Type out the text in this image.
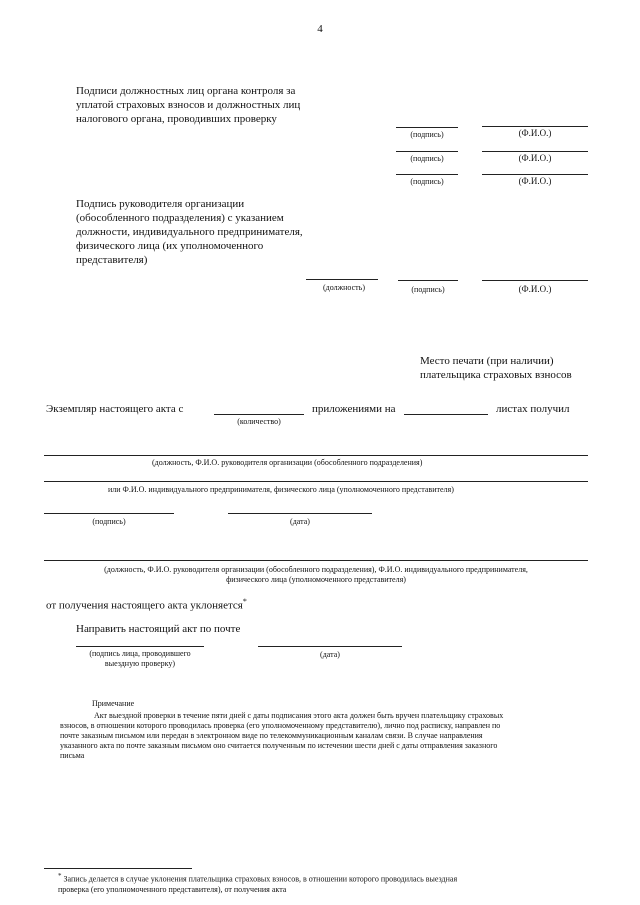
4
Подписи должностных лиц органа контроля за
уплатой страховых взносов и должностных лиц
налогового органа, проводивших проверку
(подпись)	(Ф.И.О.)
(подпись)	(Ф.И.О.)
(подпись)	(Ф.И.О.)
Подпись руководителя организации
(обособленного подразделения) с указанием
должности, индивидуального предпринимателя,
физического лица (их уполномоченного
представителя)
(должность)	(подпись)	(Ф.И.О.)
Место печати (при наличии)
плательщика страховых взносов
Экземпляр настоящего акта с	приложениями на	листах получил
(количество)
(должность, Ф.И.О. руководителя организации (обособленного подразделения)
или Ф.И.О. индивидуального предпринимателя, физического лица (уполномоченного представителя)
(подпись)	(дата)
(должность, Ф.И.О. руководителя организации (обособленного подразделения), Ф.И.О. индивидуального предпринимателя,
физического лица (уполномоченного представителя)
от получения настоящего акта уклоняется*
Направить настоящий акт по почте
(подпись лица, проводившего
выездную проверку)
(дата)
Примечание
Акт выездной проверки в течение пяти дней с даты подписания этого акта должен быть вручен плательщику страховых
взносов, в отношении которого проводилась проверка (его уполномоченному представителю), лично под расписку, направлен по
почте заказным письмом или передан в электронном виде по телекоммуникационным каналам связи. В случае направления
указанного акта по почте заказным письмом оно считается полученным по истечении шести дней с даты отправления заказного
письма
* Запись делается в случае уклонения плательщика страховых взносов, в отношении которого проводилась выездная
проверка (его уполномоченного представителя), от получения акта
